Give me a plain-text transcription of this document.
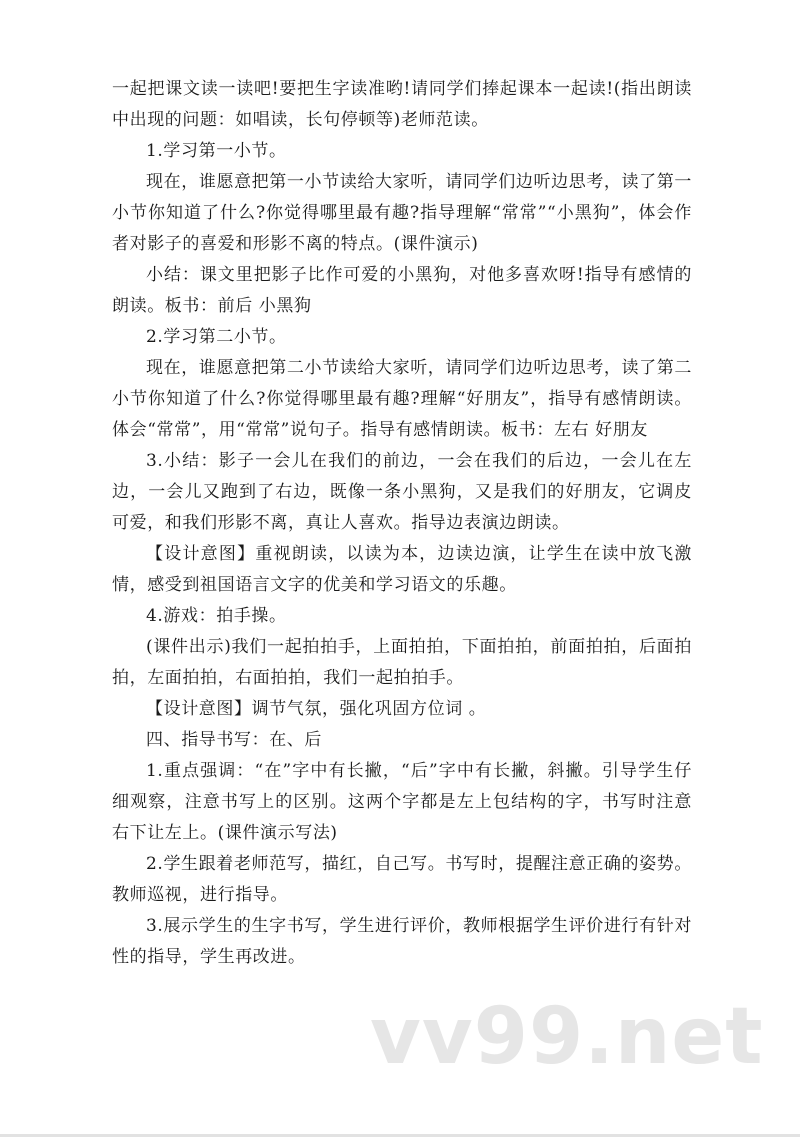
一起把课文读一读吧!要把生字读准哟!请同学们捧起课本一起读!(指出朗读中出现的问题：如唱读，长句停顿等)老师范读。

1.学习第一小节。

现在，谁愿意把第一小节读给大家听，请同学们边听边思考，读了第一小节你知道了什么?你觉得哪里最有趣?指导理解“常常”“小黑狗”，体会作者对影子的喜爱和形影不离的特点。(课件演示)

小结：课文里把影子比作可爱的小黑狗，对他多喜欢呀!指导有感情的朗读。板书：前后 小黑狗

2.学习第二小节。

现在，谁愿意把第二小节读给大家听，请同学们边听边思考，读了第二小节你知道了什么?你觉得哪里最有趣?理解“好朋友”，指导有感情朗读。体会“常常”，用“常常”说句子。指导有感情朗读。板书：左右 好朋友

3.小结：影子一会儿在我们的前边，一会在我们的后边，一会儿在左边，一会儿又跑到了右边，既像一条小黑狗，又是我们的好朋友，它调皮可爱，和我们形影不离，真让人喜欢。指导边表演边朗读。

【设计意图】重视朗读，以读为本，边读边演，让学生在读中放飞激情，感受到祖国语言文字的优美和学习语文的乐趣。

4.游戏：拍手操。

(课件出示)我们一起拍拍手，上面拍拍，下面拍拍，前面拍拍，后面拍拍，左面拍拍，右面拍拍，我们一起拍拍手。

【设计意图】调节气氛，强化巩固方位词 。

四、指导书写：在、后

1.重点强调：“在”字中有长撇，“后”字中有长撇，斜撇。引导学生仔细观察，注意书写上的区别。这两个字都是左上包结构的字，书写时注意右下让左上。(课件演示写法)

2.学生跟着老师范写，描红，自己写。书写时，提醒注意正确的姿势。教师巡视，进行指导。

3.展示学生的生字书写，学生进行评价，教师根据学生评价进行有针对性的指导，学生再改进。

vv99.net
